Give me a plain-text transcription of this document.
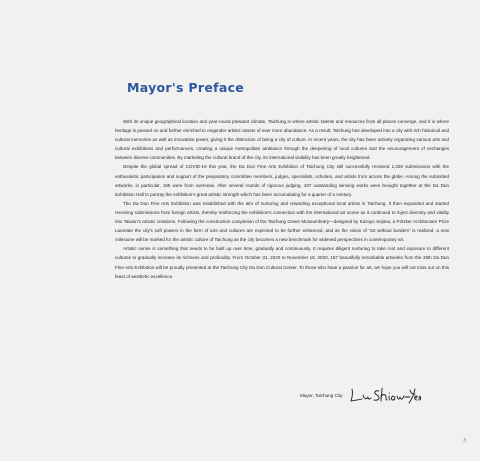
Mayor's Preface

With its unique geographical location and year-round pleasant climate, Taichung is where artistic talents and resources from all places converge, and it is where heritage is passed on and further enriched to engender artistic assets of ever more abundance. As a result, Taichung has developed into a city with rich historical and cultural memories as well as innovative power, giving it the distinction of being a city of culture. In recent years, the city has been actively organizing various arts and cultural exhibitions and performances, creating a unique metropolitan ambiance through the deepening of local cultures and the encouragement of exchanges between diverse communities. By marketing the cultural brand of the city, its international visibility has been greatly heightened.

Despite the global spread of COVID-19 this year, the Da Dun Fine Arts Exhibition of Taichung City still successfully received 1,328 submissions with the enthusiastic participation and support of the preparatory committee members, judges, specialists, scholars, and artists from across the globe. Among the submitted artworks, in particular, 165 were from overseas. After several rounds of rigorous judging, 187 outstanding winning works were brought together at the Da Dun Exhibition Hall to portray the exhibition's great artistic strength which has been accumulating for a quarter of a century.

The Da Dun Fine Arts Exhibition was established with the aim of nurturing and rewarding exceptional local artists in Taichung. It then expanded and started receiving submissions from foreign artists, thereby reinforcing the exhibition's connection with the international art scene as it continued to inject diversity and vitality into Taiwan's artistic creations. Following the construction completion of the Taichung Green Museumbrary—designed by Kazuyo Sejima, a Pritzker Architecture Prize Laureate the city's soft powers in the form of arts and cultures are expected to be further enhanced, and as the vision of "art without borders" is realized, a new milestone will be marked for the artistic culture of Taichung as the city becomes a new benchmark for widened perspectives in contemporary art.

Artistic sense is something that needs to be built up over time, gradually and continuously. It requires diligent nurturing to take root and exposure to different cultures to gradually increase its richness and profundity. From October 31, 2020 to November 18, 2020, 187 beautifully remarkable artworks from the 25th Da Dun Fine Arts Exhibition will be proudly presented at the Taichung City Da Dun Cultural Center. To those who have a passion for art, we hope you will not miss out on this feast of aesthetic excellence.

Mayor, Taichung City
3
